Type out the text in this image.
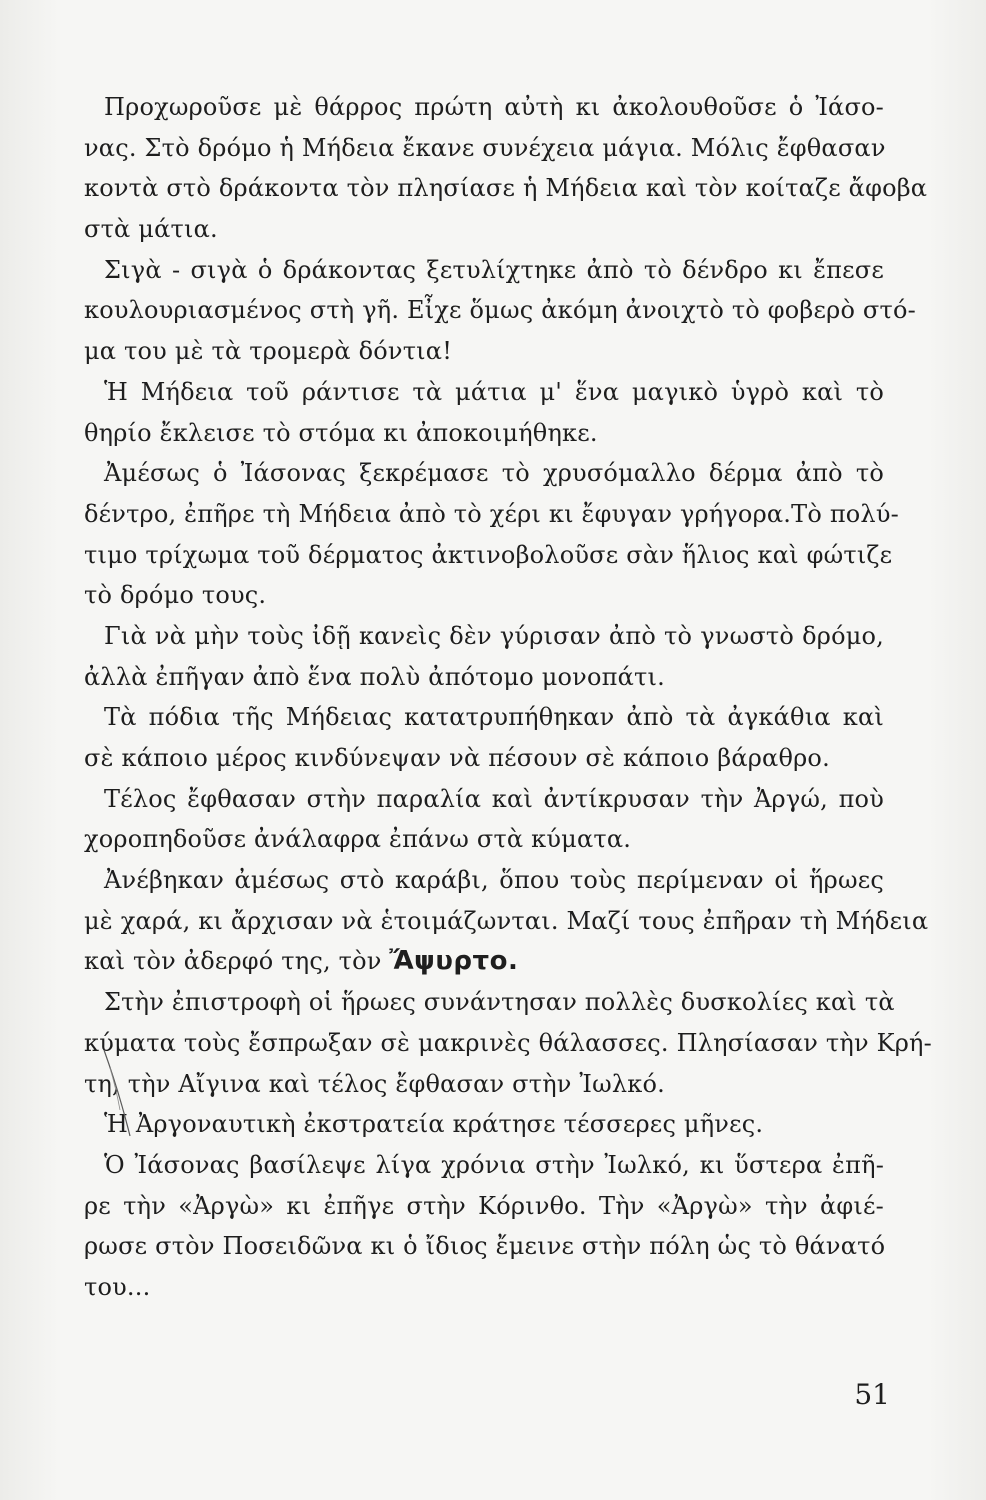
Προχωροῦσε μὲ θάρρος πρώτη αὐτὴ κι ἀκολουθοῦσε ὁ Ἰάσο-
νας. Στὸ δρόμο ἡ Μήδεια ἔκανε συνέχεια μάγια. Μόλις ἔφθασαν
κοντὰ στὸ δράκοντα τὸν πλησίασε ἡ Μήδεια καὶ τὸν κοίταζε ἄφοβα
στὰ μάτια.
Σιγὰ - σιγὰ ὁ δράκοντας ξετυλίχτηκε ἀπὸ τὸ δένδρο κι ἔπεσε
κουλουριασμένος στὴ γῆ. Εἶχε ὅμως ἀκόμη ἀνοιχτὸ τὸ φοβερὸ στό-
μα του μὲ τὰ τρομερὰ δόντια!
Ἡ Μήδεια τοῦ ράντισε τὰ μάτια μ' ἕνα μαγικὸ ὑγρὸ καὶ τὸ
θηρίο ἔκλεισε τὸ στόμα κι ἀποκοιμήθηκε.
Ἀμέσως ὁ Ἰάσονας ξεκρέμασε τὸ χρυσόμαλλο δέρμα ἀπὸ τὸ
δέντρο, ἐπῆρε τὴ Μήδεια ἀπὸ τὸ χέρι κι ἔφυγαν γρήγορα.Τὸ πολύ-
τιμο τρίχωμα τοῦ δέρματος ἀκτινοβολοῦσε σὰν ἥλιος καὶ φώτιζε
τὸ δρόμο τους.
Γιὰ νὰ μὴν τοὺς ἰδῇ κανεὶς δὲν γύρισαν ἀπὸ τὸ γνωστὸ δρόμο,
ἀλλὰ ἐπῆγαν ἀπὸ ἕνα πολὺ ἀπότομο μονοπάτι.
Τὰ πόδια τῆς Μήδειας κατατρυπήθηκαν ἀπὸ τὰ ἀγκάθια καὶ
σὲ κάποιο μέρος κινδύνεψαν νὰ πέσουν σὲ κάποιο βάραθρο.
Τέλος ἔφθασαν στὴν παραλία καὶ ἀντίκρυσαν τὴν Ἀργώ, ποὺ
χοροπηδοῦσε ἀνάλαφρα ἐπάνω στὰ κύματα.
Ἀνέβηκαν ἀμέσως στὸ καράβι, ὅπου τοὺς περίμεναν οἱ ἥρωες
μὲ χαρά, κι ἄρχισαν νὰ ἑτοιμάζωνται. Μαζί τους ἐπῆραν τὴ Μήδεια
καὶ τὸν ἀδερφό της, τὸν Ἄψυρτο.
Στὴν ἐπιστροφὴ οἱ ἥρωες συνάντησαν πολλὲς δυσκολίες καὶ τὰ
κύματα τοὺς ἔσπρωξαν σὲ μακρινὲς θάλασσες. Πλησίασαν τὴν Κρή-
τη, τὴν Αἴγινα καὶ τέλος ἔφθασαν στὴν Ἰωλκό.
Ἡ Ἀργοναυτικὴ ἐκστρατεία κράτησε τέσσερες μῆνες.
Ὁ Ἰάσονας βασίλεψε λίγα χρόνια στὴν Ἰωλκό, κι ὕστερα ἐπῆ-
ρε τὴν «Ἀργὼ» κι ἐπῆγε στὴν Κόρινθο. Τὴν «Ἀργὼ» τὴν ἀφιέ-
ρωσε στὸν Ποσειδῶνα κι ὁ ἴδιος ἔμεινε στὴν πόλη ὡς τὸ θάνατό
του...
51
